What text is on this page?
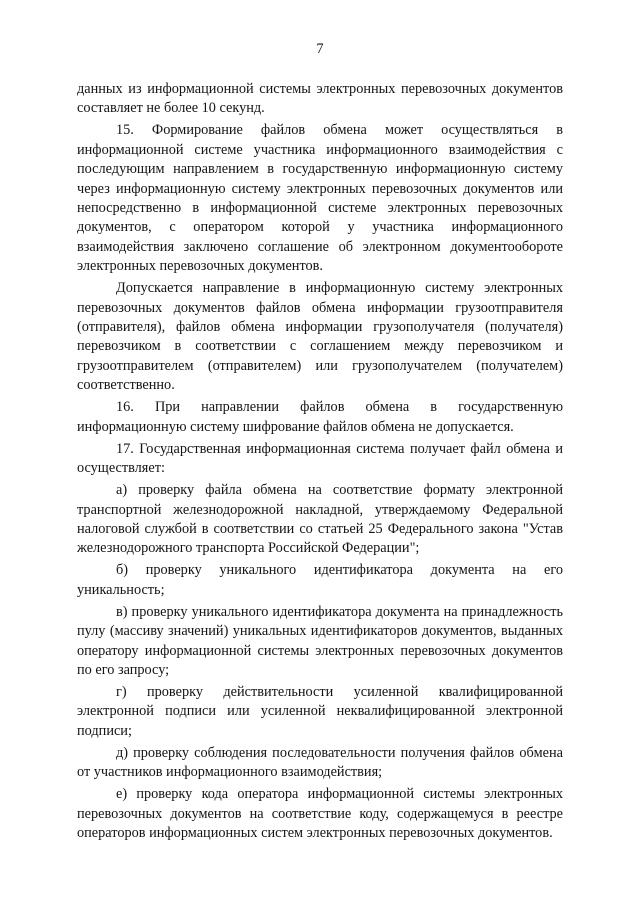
7

данных из информационной системы электронных перевозочных документов составляет не более 10 секунд.

15. Формирование файлов обмена может осуществляться в информационной системе участника информационного взаимодействия с последующим направлением в государственную информационную систему через информационную систему электронных перевозочных документов или непосредственно в информационной системе электронных перевозочных документов, с оператором которой у участника информационного взаимодействия заключено соглашение об электронном документообороте электронных перевозочных документов.

Допускается направление в информационную систему электронных перевозочных документов файлов обмена информации грузоотправителя (отправителя), файлов обмена информации грузополучателя (получателя) перевозчиком в соответствии с соглашением между перевозчиком и грузоотправителем (отправителем) или грузополучателем (получателем) соответственно.

16. При направлении файлов обмена в государственную информационную систему шифрование файлов обмена не допускается.

17. Государственная информационная система получает файл обмена и осуществляет:

а) проверку файла обмена на соответствие формату электронной транспортной железнодорожной накладной, утверждаемому Федеральной налоговой службой в соответствии со статьей 25 Федерального закона "Устав железнодорожного транспорта Российской Федерации";

б) проверку уникального идентификатора документа на его уникальность;

в) проверку уникального идентификатора документа на принадлежность пулу (массиву значений) уникальных идентификаторов документов, выданных оператору информационной системы электронных перевозочных документов по его запросу;

г) проверку действительности усиленной квалифицированной электронной подписи или усиленной неквалифицированной электронной подписи;

д) проверку соблюдения последовательности получения файлов обмена от участников информационного взаимодействия;

е) проверку кода оператора информационной системы электронных перевозочных документов на соответствие коду, содержащемуся в реестре операторов информационных систем электронных перевозочных документов.
